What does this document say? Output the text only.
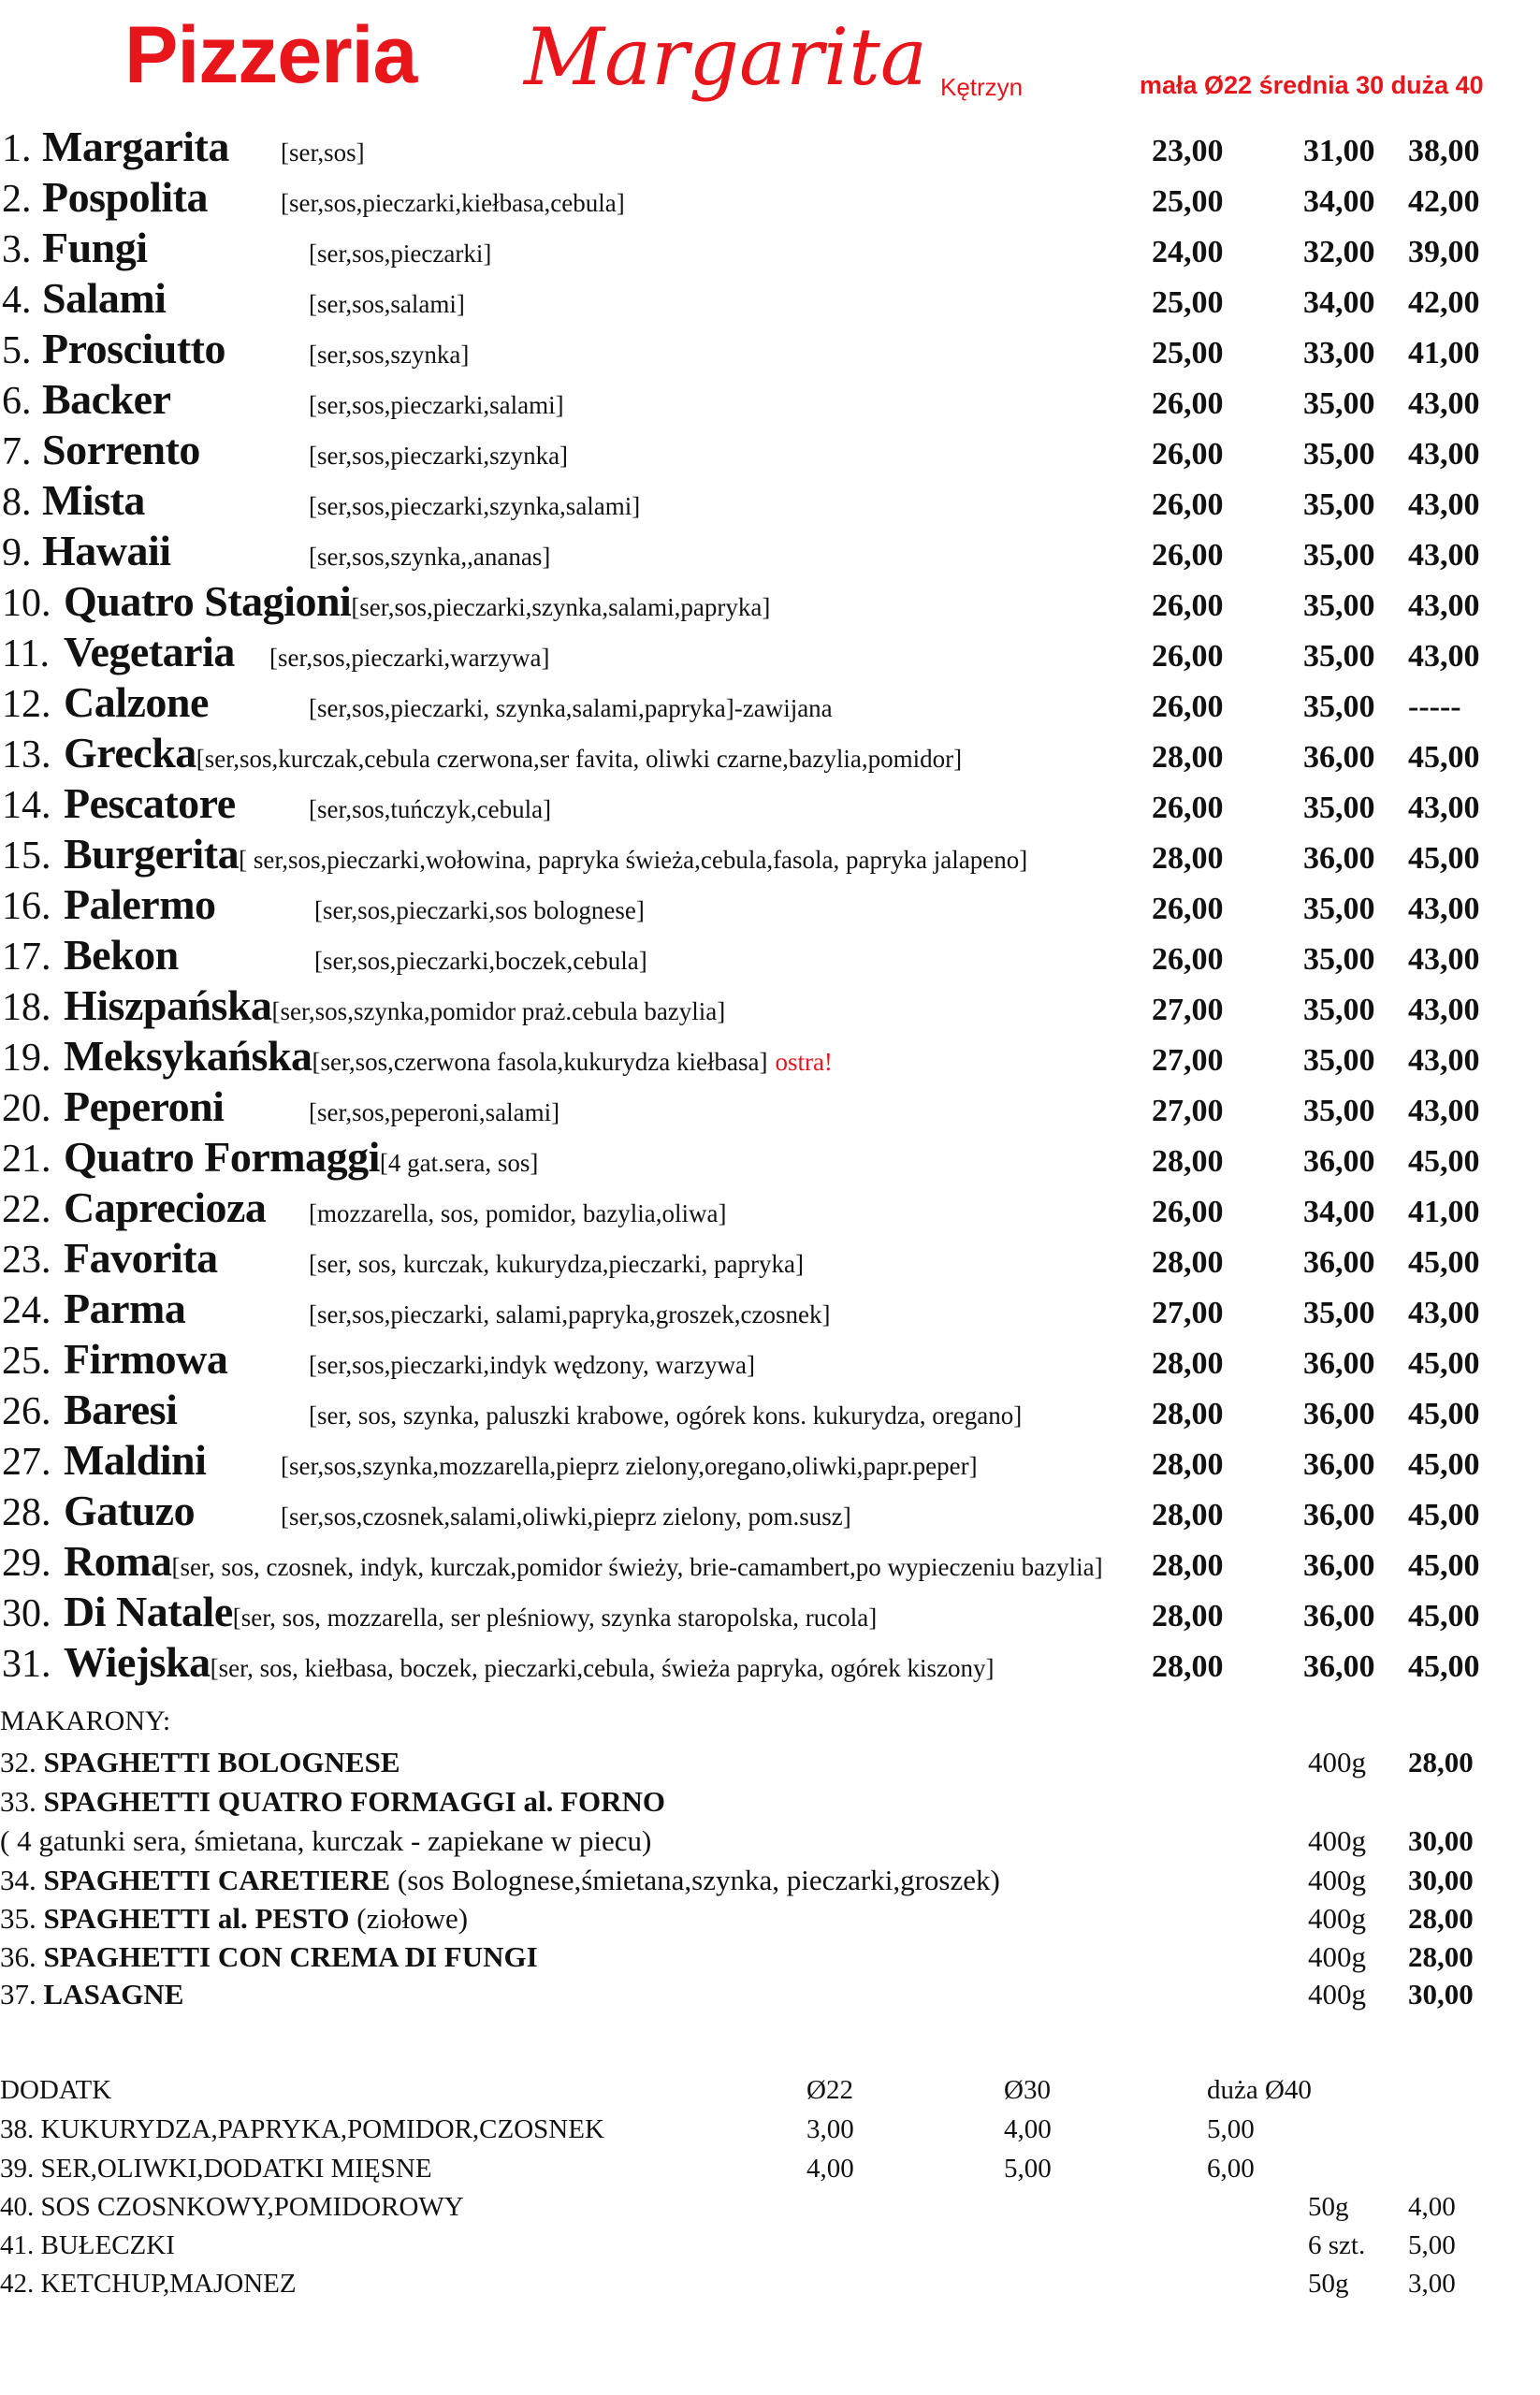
Pizzeria Margarita Kętrzyn	mała Ø22 średnia 30 duża 40
1. Margarita [ser,sos]	23,00	31,00 38,00
2. Pospolita	[ser,sos,pieczarki,kiełbasa,cebula]	25,00	34,00 42,00
3. Fungi	[ser,sos,pieczarki]	24,00	32,00 39,00
4. Salami	[ser,sos,salami]	25,00	34,00 42,00
5. Prosciutto	[ser,sos,szynka]	25,00	33,00 41,00
6. Backer	[ser,sos,pieczarki,salami]	26,00	35,00 43,00
7. Sorrento	[ser,sos,pieczarki,szynka]	26,00	35,00 43,00
8. Mista	[ser,sos,pieczarki,szynka,salami]	26,00	35,00 43,00
9. Hawaii	[ser,sos,szynka,,ananas]	26,00	35,00 43,00
10. Quatro Stagioni[ser,sos,pieczarki,szynka,salami,papryka]	26,00	35,00 43,00
11. Vegetaria [ser,sos,pieczarki,warzywa]	26,00	35,00 43,00
12. Calzone	[ser,sos,pieczarki, szynka,salami,papryka]-zawijana	26,00	35,00 -----
13. Grecka[ser,sos,kurczak,cebula czerwona,ser favita, oliwki czarne,bazylia,pomidor]	28,00	36,00 45,00
14. Pescatore	[ser,sos,tuńczyk,cebula]	26,00	35,00 43,00
15. Burgerita[ ser,sos,pieczarki,wołowina, papryka świeża,cebula,fasola, papryka jalapeno]	28,00	36,00 45,00
16. Palermo	[ser,sos,pieczarki,sos bolognese]	26,00	35,00 43,00
17. Bekon	[ser,sos,pieczarki,boczek,cebula]	26,00	35,00 43,00
18. Hiszpańska[ser,sos,szynka,pomidor praż.cebula bazylia]	27,00	35,00 43,00
19. Meksykańska[ser,sos,czerwona fasola,kukurydza kiełbasa] ostra!	27,00	35,00 43,00
20. Peperoni	[ser,sos,peperoni,salami]	27,00	35,00 43,00
21. Quatro Formaggi[4 gat.sera, sos]	28,00	36,00 45,00
22. Caprecioza [mozzarella, sos, pomidor, bazylia,oliwa]	26,00	34,00 41,00
23. Favorita	[ser, sos, kurczak, kukurydza,pieczarki, papryka]	28,00	36,00 45,00
24. Parma	[ser,sos,pieczarki, salami,papryka,groszek,czosnek]	27,00	35,00 43,00
25. Firmowa	[ser,sos,pieczarki,indyk wędzony, warzywa]	28,00	36,00 45,00
26. Baresi	[ser, sos, szynka, paluszki krabowe, ogórek kons. kukurydza, oregano]	28,00	36,00 45,00
27. Maldini	[ser,sos,szynka,mozzarella,pieprz zielony,oregano,oliwki,papr.peper]	28,00	36,00 45,00
28. Gatuzo	[ser,sos,czosnek,salami,oliwki,pieprz zielony, pom.susz]	28,00	36,00 45,00
29. Roma[ser, sos, czosnek, indyk, kurczak,pomidor świeży, brie-camambert,po wypieczeniu bazylia] 28,00	36,00 45,00
30. Di Natale[ser, sos, mozzarella, ser pleśniowy, szynka staropolska, rucola]	28,00	36,00 45,00
31. Wiejska[ser, sos, kiełbasa, boczek, pieczarki,cebula, świeża papryka, ogórek kiszony]	28,00	36,00 45,00
MAKARONY:
32. SPAGHETTI BOLOGNESE	400g 28,00
33. SPAGHETTI QUATRO FORMAGGI al. FORNO
( 4 gatunki sera, śmietana, kurczak - zapiekane w piecu)	400g 30,00
34. SPAGHETTI CARETIERE (sos Bolognese,śmietana,szynka, pieczarki,groszek)	400g 30,00
35. SPAGHETTI al. PESTO (ziołowe)	400g 28,00
36. SPAGHETTI CON CREMA DI FUNGI	400g 28,00
37. LASAGNE	400g 30,00
DODATK	Ø22	Ø30	duża Ø40
38. KUKURYDZA,PAPRYKA,POMIDOR,CZOSNEK	3,00	4,00	5,00
39. SER,OLIWKI,DODATKI MIĘSNE	4,00	5,00	6,00
40. SOS CZOSNKOWY,POMIDOROWY	50g 4,00
41. BUŁECZKI	6 szt. 5,00
42. KETCHUP,MAJONEZ	50g 3,00
